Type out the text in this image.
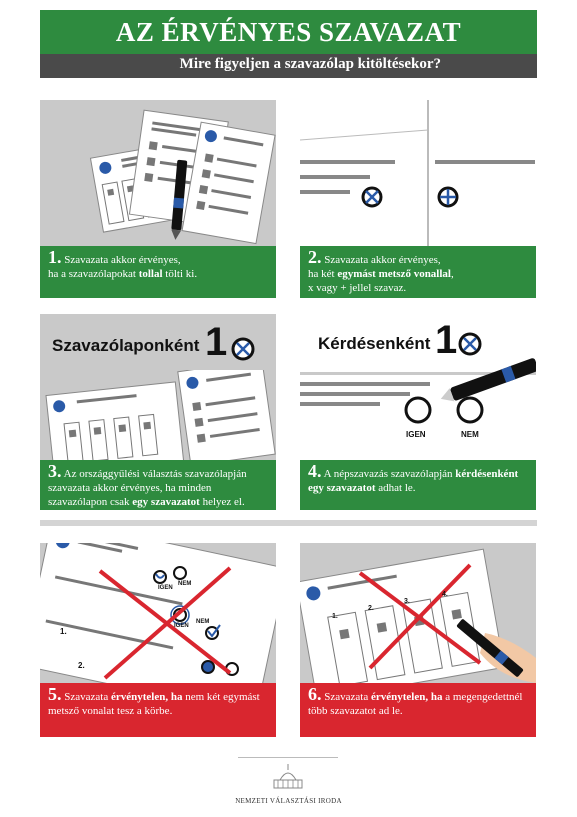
AZ ÉRVÉNYES SZAVAZAT
Mire figyeljen a szavazólap kitöltésekor?
1. Szavazata akkor érvényes,
ha a szavazólapokat tollal tölti ki.
2. Szavazata akkor érvényes,
ha két egymást metsző vonallal,
x vagy + jellel szavaz.
Szavazólaponként 1
3. Az országgyűlési választás szavazólapján szavazata akkor érvényes, ha minden szavazólapon csak egy szavazatot helyez el.
Kérdésenként 1
IGEN	NEM
4. A népszavazás szavazólapján kérdésenként egy szavazatot adhat le.
IGEN
NEM
IGEN
NEM
1.
2.
5. Szavazata érvénytelen, ha nem két egymást metsző vonalat tesz a körbe.
1.
2.
3.
4.
6. Szavazata érvénytelen, ha a megengedettnél több szavazatot ad le.
NEMZETI VÁLASZTÁSI IRODA
